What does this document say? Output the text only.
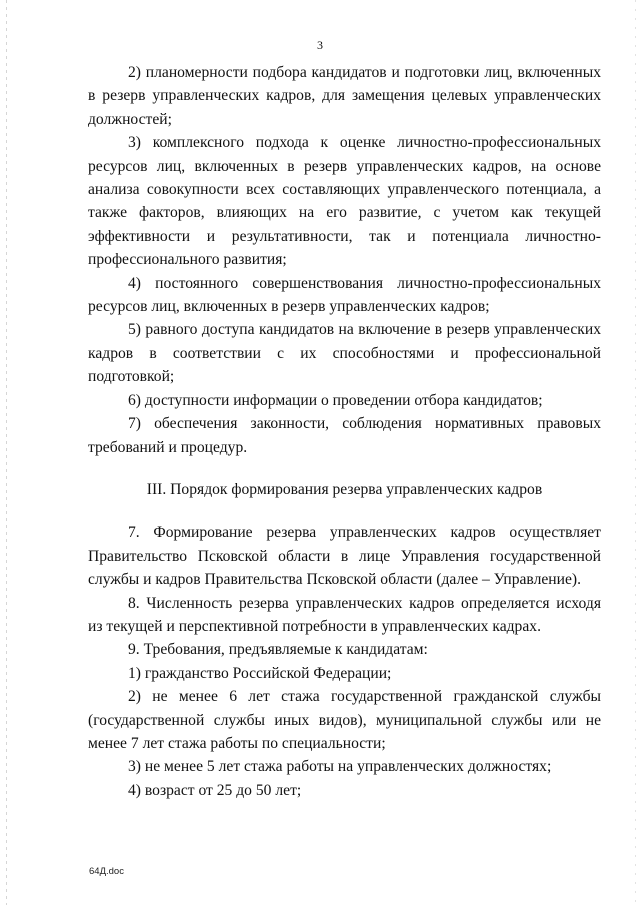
3

2) планомерности подбора кандидатов и подготовки лиц, включенных в резерв управленческих кадров, для замещения целевых управленческих должностей;

3) комплексного подхода к оценке личностно-профессиональных ресурсов лиц, включенных в резерв управленческих кадров, на основе анализа совокупности всех составляющих управленческого потенциала, а также факторов, влияющих на его развитие, с учетом как текущей эффективности и результативности, так и потенциала личностно-профессионального развития;

4) постоянного совершенствования личностно-профессиональных ресурсов лиц, включенных в резерв управленческих кадров;

5) равного доступа кандидатов на включение в резерв управленческих кадров в соответствии с их способностями и профессиональной подготовкой;

6) доступности информации о проведении отбора кандидатов;

7) обеспечения законности, соблюдения нормативных правовых требований и процедур.

III. Порядок формирования резерва управленческих кадров

7. Формирование резерва управленческих кадров осуществляет Правительство Псковской области в лице Управления государственной службы и кадров Правительства Псковской области (далее – Управление).

8. Численность резерва управленческих кадров определяется исходя из текущей и перспективной потребности в управленческих кадрах.

9. Требования, предъявляемые к кандидатам:

1) гражданство Российской Федерации;

2) не менее 6 лет стажа государственной гражданской службы (государственной службы иных видов), муниципальной службы или не менее 7 лет стажа работы по специальности;

3) не менее 5 лет стажа работы на управленческих должностях;

4) возраст от 25 до 50 лет;

64Д.doc
